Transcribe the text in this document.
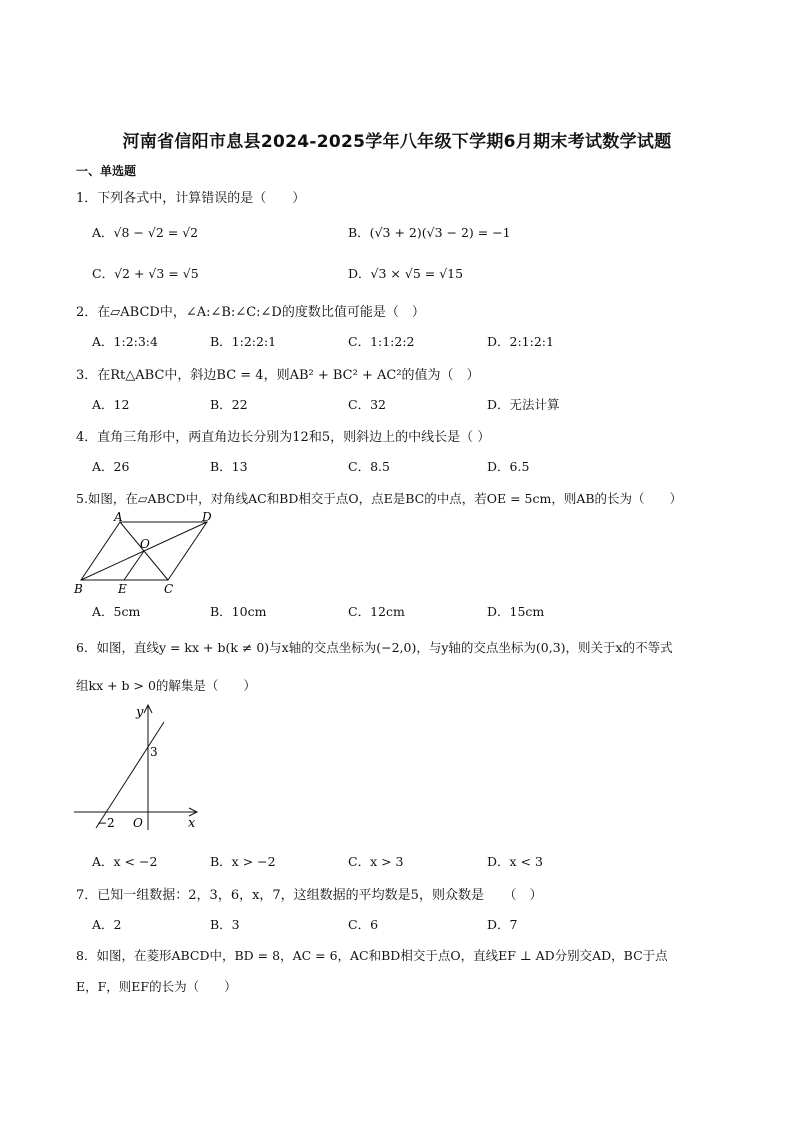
河南省信阳市息县2024-2025学年八年级下学期6月期末考试数学试题
一、单选题
1．下列各式中，计算错误的是（　　）
A．√8 − √2 = √2	B．(√3 + 2)(√3 − 2) = −1
C．√2 + √3 = √5	D．√3 × √5 = √15
2．在▱ABCD中，∠A:∠B:∠C:∠D的度数比值可能是（　）
A．1:2:3:4	B．1:2:2:1	C．1:1:2:2	D．2:1:2:1
3．在Rt△ABC中，斜边BC = 4，则AB² + BC² + AC²的值为（　）
A．12	B．22	C．32	D．无法计算
4．直角三角形中，两直角边长分别为12和5，则斜边上的中线长是（ ）
A．26	B．13	C．8.5	D．6.5
5.如图，在▱ABCD中，对角线AC和BD相交于点O，点E是BC的中点，若OE = 5cm，则AB的长为（　　）
A	D
O
B	E	C
A．5cm	B．10cm	C．12cm	D．15cm
6．如图，直线y = kx + b(k ≠ 0)与x轴的交点坐标为(−2,0)，与y轴的交点坐标为(0,3)，则关于x的不等式
组kx + b > 0的解集是（　　）
y
x
3
−2 O
A．x < −2	B．x > −2	C．x > 3	D．x < 3
7．已知一组数据：2，3，6，x，7，这组数据的平均数是5，则众数是　　（　）
A．2	B．3	C．6	D．7
8．如图，在菱形ABCD中，BD = 8，AC = 6，AC和BD相交于点O，直线EF ⊥ AD分别交AD，BC于点
E，F，则EF的长为（　　）
